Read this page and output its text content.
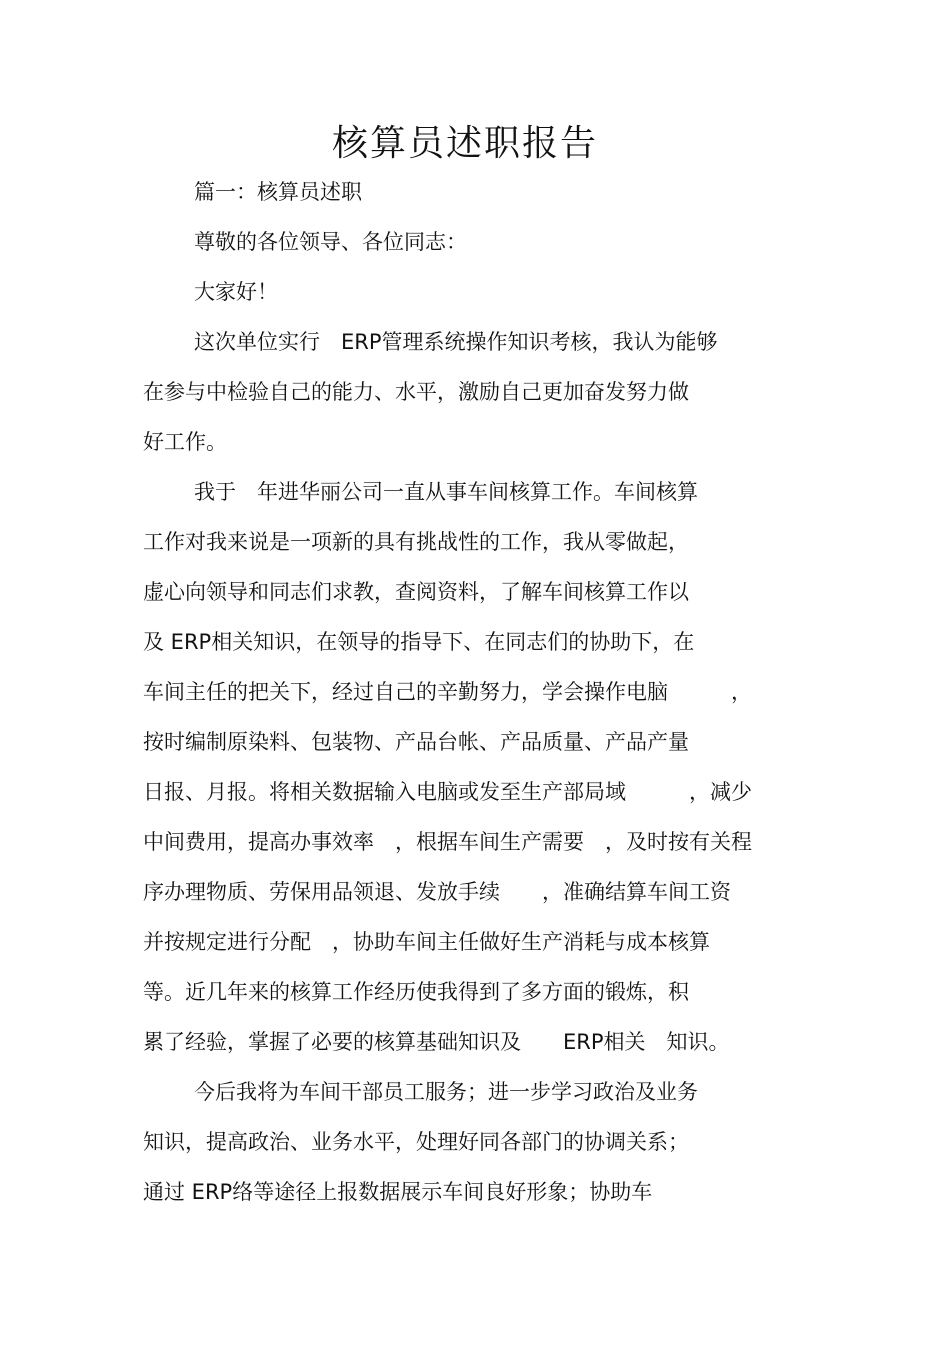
核算员述职报告

篇一：核算员述职

尊敬的各位领导、各位同志：

大家好！

这次单位实行　ERP管理系统操作知识考核，我认为能够

在参与中检验自己的能力、水平，激励自己更加奋发努力做

好工作。

我于　年进华丽公司一直从事车间核算工作。车间核算

工作对我来说是一项新的具有挑战性的工作，我从零做起，

虚心向领导和同志们求教，查阅资料，了解车间核算工作以

及 ERP相关知识，在领导的指导下、在同志们的协助下，在

车间主任的把关下，经过自己的辛勤努力，学会操作电脑　　　，

按时编制原染料、包装物、产品台帐、产品质量、产品产量

日报、月报。将相关数据输入电脑或发至生产部局域　　　，减少

中间费用，提高办事效率　，根据车间生产需要　，及时按有关程

序办理物质、劳保用品领退、发放手续　　，准确结算车间工资

并按规定进行分配　，协助车间主任做好生产消耗与成本核算

等。近几年来的核算工作经历使我得到了多方面的锻炼，积

累了经验，掌握了必要的核算基础知识及　　ERP相关　知识。

今后我将为车间干部员工服务；进一步学习政治及业务

知识，提高政治、业务水平，处理好同各部门的协调关系；

通过 ERP络等途径上报数据展示车间良好形象；协助车
